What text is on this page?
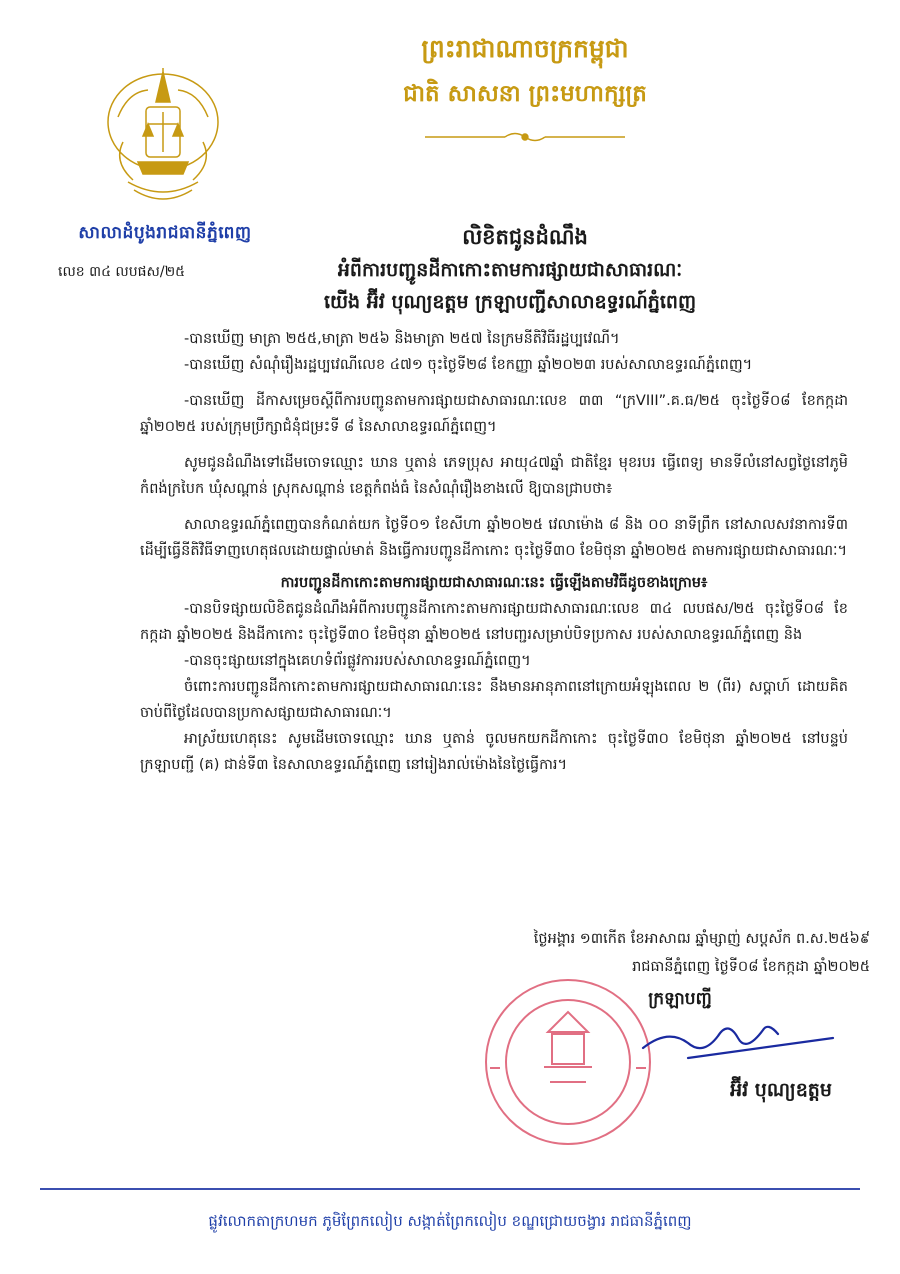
សាលាដំបូងរាជធានីភ្នំពេញ
ព្រះរាជាណាចក្រកម្ពុជា
ជាតិ សាសនា ព្រះមហាក្សត្រ
លេខ ៣៤ លបផស/២៥
លិខិតជូនដំណឹង
អំពីការបញ្ជូនដីកាកោះតាមការផ្សាយជាសាធារណៈ
យើង អ៊ីវ បុណ្យឧត្ដម ក្រឡាបញ្ជីសាលាឧទ្ធរណ៍ភ្នំពេញ

-បានឃើញ មាត្រា ២៥៥,មាត្រា ២៥៦ និងមាត្រា ២៥៧ នៃក្រមនីតិវិធីរដ្ឋប្បវេណី។

-បានឃើញ សំណុំរឿងរដ្ឋប្បវេណីលេខ ៤៧១ ចុះថ្ងៃទី២៨ ខែកញ្ញា ឆ្នាំ២០២៣ របស់សាលាឧទ្ធរណ៍ភ្នំពេញ។

-បានឃើញ ដីកាសម្រេចស្ដីពីការបញ្ជូនតាមការផ្សាយជាសាធារណៈលេខ ៣៣ “ក្រVIII”.គ.ធ/២៥ ចុះថ្ងៃទី០៨ ខែកក្កដា ឆ្នាំ២០២៥ របស់ក្រុមប្រឹក្សាជំនុំជម្រះទី ៨ នៃសាលាឧទ្ធរណ៍ភ្នំពេញ។

សូមជូនដំណឹងទៅដើមចោទឈ្មោះ ឃាន ឬតាន់ ភេទប្រុស អាយុ៤៧ឆ្នាំ ជាតិខ្មែរ មុខរបរ ធ្វើពេទ្យ មានទីលំនៅសព្វថ្ងៃនៅភូមិកំពង់ក្របៃក ឃុំសណ្ដាន់ ស្រុកសណ្ដាន់ ខេត្តកំពង់ធំ នៃសំណុំរឿងខាងលើ ឱ្យបានជ្រាបថា៖

សាលាឧទ្ធរណ៍ភ្នំពេញបានកំណត់យក ថ្ងៃទី០១ ខែសីហា ឆ្នាំ២០២៥ វេលាម៉ោង ៨ និង ០០ នាទីព្រឹក នៅសាលសវនាការទី៣ ដើម្បីធ្វើនីតិវិធីទាញហេតុផលដោយផ្ទាល់មាត់ និងធ្វើការបញ្ជូនដីកាកោះ ចុះថ្ងៃទី៣០ ខែមិថុនា ឆ្នាំ២០២៥ តាមការផ្សាយជាសាធារណៈ។

ការបញ្ជូនដីកាកោះតាមការផ្សាយជាសាធារណៈនេះ ធ្វើឡើងតាមវិធីដូចខាងក្រោម៖

-បានបិទផ្សាយលិខិតជូនដំណឹងអំពីការបញ្ជូនដីកាកោះតាមការផ្សាយជាសាធារណៈលេខ ៣៤ លបផស/២៥ ចុះថ្ងៃទី០៨ ខែកក្កដា ឆ្នាំ២០២៥ និងដីកាកោះ ចុះថ្ងៃទី៣០ ខែមិថុនា ឆ្នាំ២០២៥ នៅបញ្ជរសម្រាប់បិទប្រកាស របស់សាលាឧទ្ធរណ៍ភ្នំពេញ និង

-បានចុះផ្សាយនៅក្នុងគេហទំព័រផ្លូវការរបស់សាលាឧទ្ធរណ៍ភ្នំពេញ។

ចំពោះការបញ្ជូនដីកាកោះតាមការផ្សាយជាសាធារណៈនេះ នឹងមានអានុភាពនៅក្រោយអំឡុងពេល ២ (ពីរ) សប្ដាហ៍ ដោយគិតចាប់ពីថ្ងៃដែលបានប្រកាសផ្សាយជាសាធារណៈ។

អាស្រ័យហេតុនេះ សូមដើមចោទឈ្មោះ ឃាន ឬតាន់ ចូលមកយកដីកាកោះ ចុះថ្ងៃទី៣០ ខែមិថុនា ឆ្នាំ២០២៥ នៅបន្ទប់ក្រឡាបញ្ជី (គ) ជាន់ទី៣ នៃសាលាឧទ្ធរណ៍ភ្នំពេញ នៅរៀងរាល់ម៉ោងនៃថ្ងៃធ្វើការ។

ថ្ងៃអង្គារ ១៣កើត ខែអាសាឍ ឆ្នាំម្សាញ់ សប្តស័ក ព.ស.២៥៦៩
រាជធានីភ្នំពេញ ថ្ងៃទី០៨ ខែកក្កដា ឆ្នាំ២០២៥
ក្រឡាបញ្ជី
អ៊ីវ បុណ្យឧត្ដម
ផ្លូវលោកតាក្រហមក ភូមិព្រែកលៀប សង្កាត់ព្រែកលៀប ខណ្ឌជ្រោយចង្វារ រាជធានីភ្នំពេញ
